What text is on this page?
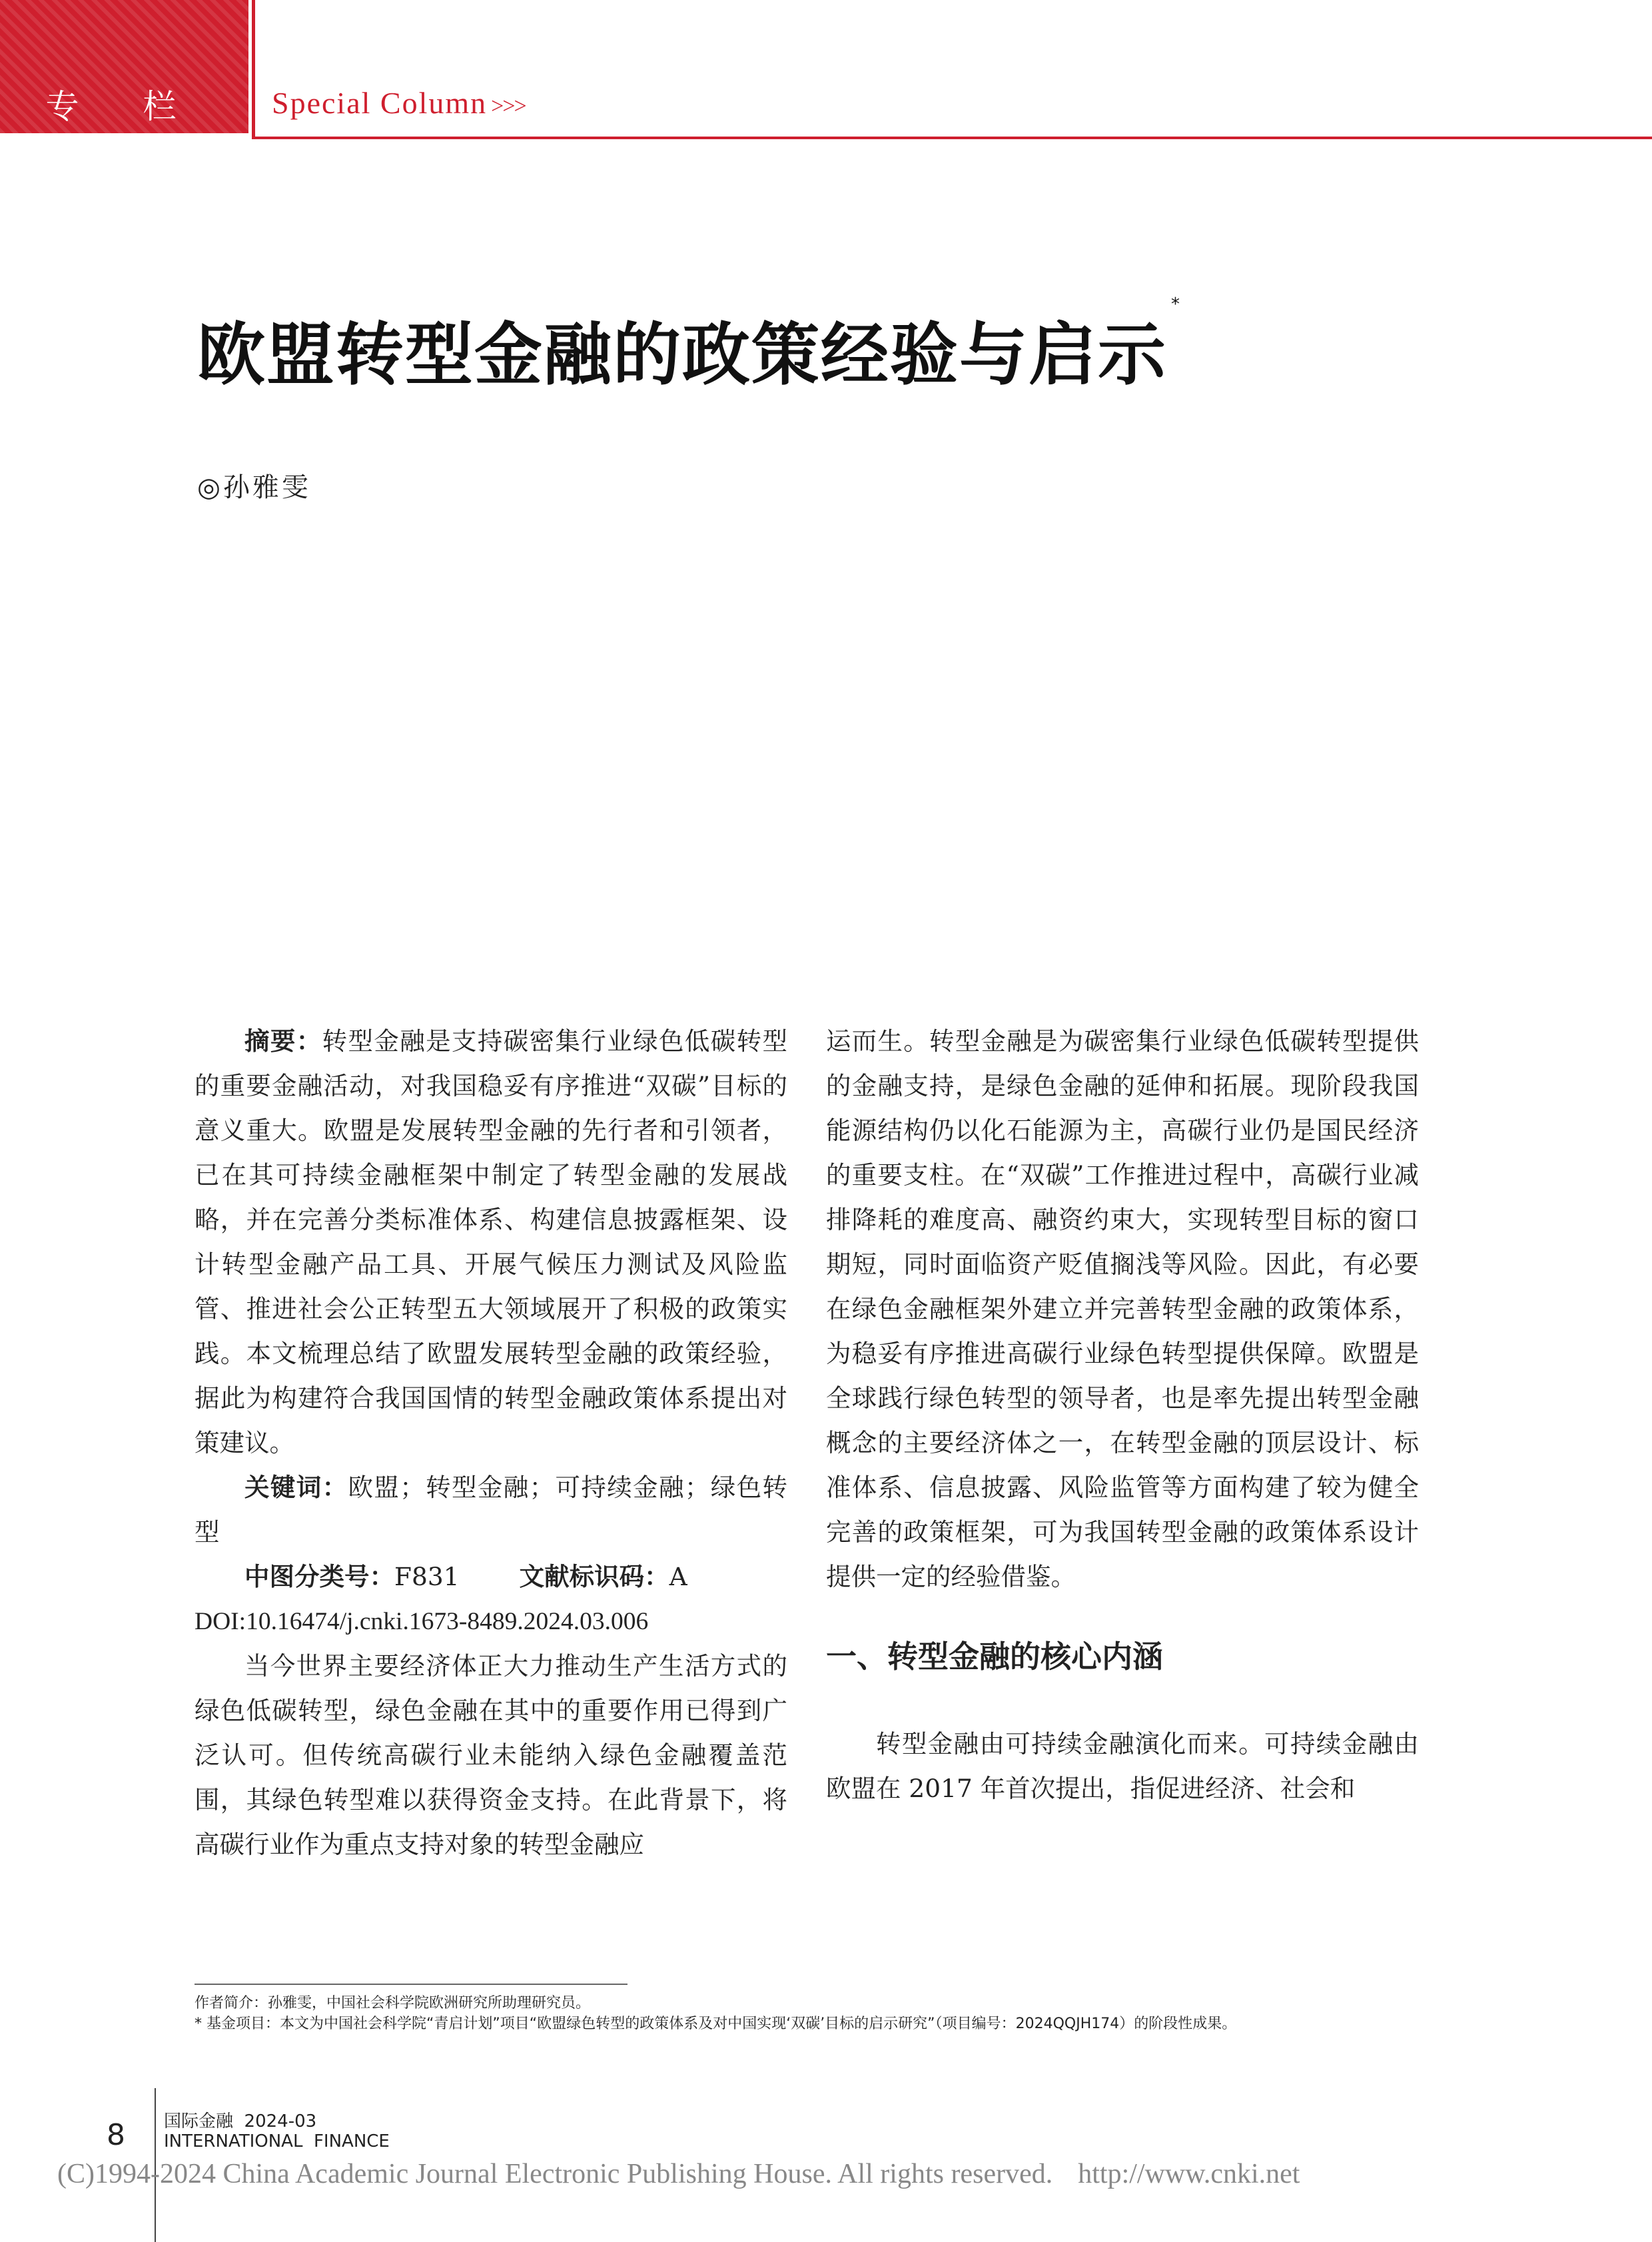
专 栏	Special Column >>>
欧盟转型金融的政策经验与启示*
◎孙雅雯

摘要：转型金融是支持碳密集行业绿色低碳转型的重要金融活动，对我国稳妥有序推进“双碳”目标的意义重大。欧盟是发展转型金融的先行者和引领者，已在其可持续金融框架中制定了转型金融的发展战略，并在完善分类标准体系、构建信息披露框架、设计转型金融产品工具、开展气候压力测试及风险监管、推进社会公正转型五大领域展开了积极的政策实践。本文梳理总结了欧盟发展转型金融的政策经验，据此为构建符合我国国情的转型金融政策体系提出对策建议。

关键词：欧盟；转型金融；可持续金融；绿色转型

中图分类号：F831 文献标识码：A

DOI:10.16474/j.cnki.1673-8489.2024.03.006

当今世界主要经济体正大力推动生产生活方式的绿色低碳转型，绿色金融在其中的重要作用已得到广泛认可。但传统高碳行业未能纳入绿色金融覆盖范围，其绿色转型难以获得资金支持。在此背景下，将高碳行业作为重点支持对象的转型金融应

运而生。转型金融是为碳密集行业绿色低碳转型提供的金融支持，是绿色金融的延伸和拓展。现阶段我国能源结构仍以化石能源为主，高碳行业仍是国民经济的重要支柱。在“双碳”工作推进过程中，高碳行业减排降耗的难度高、融资约束大，实现转型目标的窗口期短，同时面临资产贬值搁浅等风险。因此，有必要在绿色金融框架外建立并完善转型金融的政策体系，为稳妥有序推进高碳行业绿色转型提供保障。欧盟是全球践行绿色转型的领导者，也是率先提出转型金融概念的主要经济体之一，在转型金融的顶层设计、标准体系、信息披露、风险监管等方面构建了较为健全完善的政策框架，可为我国转型金融的政策体系设计提供一定的经验借鉴。

一、转型金融的核心内涵

转型金融由可持续金融演化而来。可持续金融由欧盟在 2017 年首次提出，指促进经济、社会和

作者简介： 孙雅雯，中国社会科学院欧洲研究所助理研究员。
* 基金项目： 本文为中国社会科学院“青启计划”项目“欧盟绿色转型的政策体系及对中国实现‘双碳’目标的启示研究”（项目编号：2024QQJH174）的阶段性成果。
8 国际金融  2024-03
INTERNATIONAL  FINANCE
(C)1994-2024 China Academic Journal Electronic Publishing House. All rights reserved. http://www.cnki.net
